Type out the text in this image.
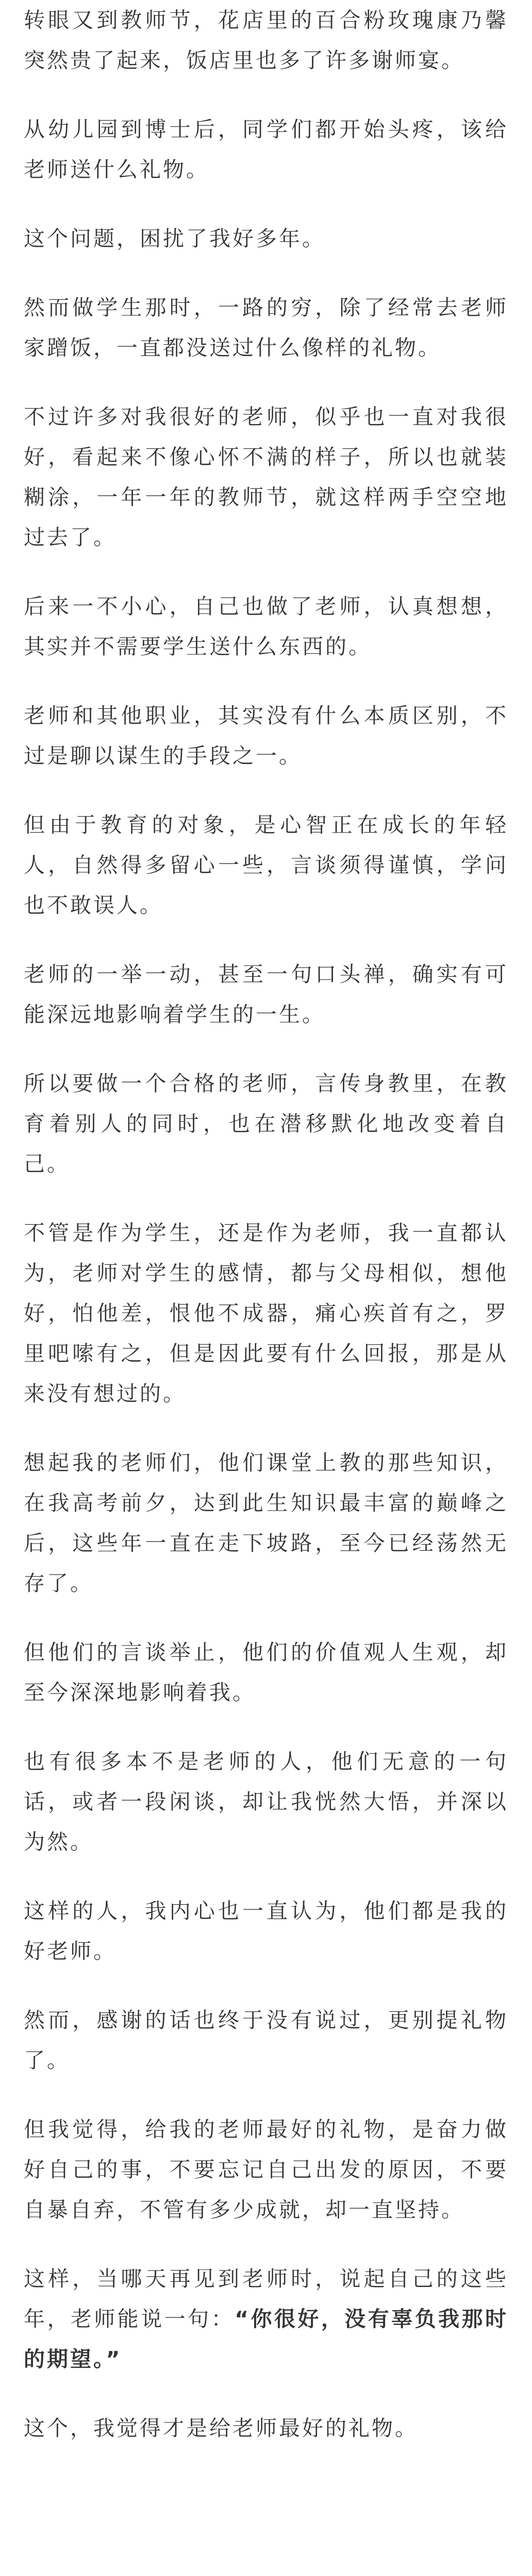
转眼又到教师节，花店里的百合粉玫瑰康乃馨突然贵了起来，饭店里也多了许多谢师宴。

从幼儿园到博士后，同学们都开始头疼，该给老师送什么礼物。

这个问题，困扰了我好多年。

然而做学生那时，一路的穷，除了经常去老师家蹭饭，一直都没送过什么像样的礼物。

不过许多对我很好的老师，似乎也一直对我很好，看起来不像心怀不满的样子，所以也就装糊涂，一年一年的教师节，就这样两手空空地过去了。

后来一不小心，自己也做了老师，认真想想，其实并不需要学生送什么东西的。

老师和其他职业，其实没有什么本质区别，不过是聊以谋生的手段之一。

但由于教育的对象，是心智正在成长的年轻人，自然得多留心一些，言谈须得谨慎，学问也不敢误人。

老师的一举一动，甚至一句口头禅，确实有可能深远地影响着学生的一生。

所以要做一个合格的老师，言传身教里，在教育着别人的同时，也在潜移默化地改变着自己。

不管是作为学生，还是作为老师，我一直都认为，老师对学生的感情，都与父母相似，想他好，怕他差，恨他不成器，痛心疾首有之，罗里吧嗦有之，但是因此要有什么回报，那是从来没有想过的。

想起我的老师们，他们课堂上教的那些知识，在我高考前夕，达到此生知识最丰富的巅峰之后，这些年一直在走下坡路，至今已经荡然无存了。

但他们的言谈举止，他们的价值观人生观，却至今深深地影响着我。

也有很多本不是老师的人，他们无意的一句话，或者一段闲谈，却让我恍然大悟，并深以为然。

这样的人，我内心也一直认为，他们都是我的好老师。

然而，感谢的话也终于没有说过，更别提礼物了。

但我觉得，给我的老师最好的礼物，是奋力做好自己的事，不要忘记自己出发的原因，不要自暴自弃，不管有多少成就，却一直坚持。

这样，当哪天再见到老师时，说起自己的这些年，老师能说一句：“你很好，没有辜负我那时的期望。”

这个，我觉得才是给老师最好的礼物。
